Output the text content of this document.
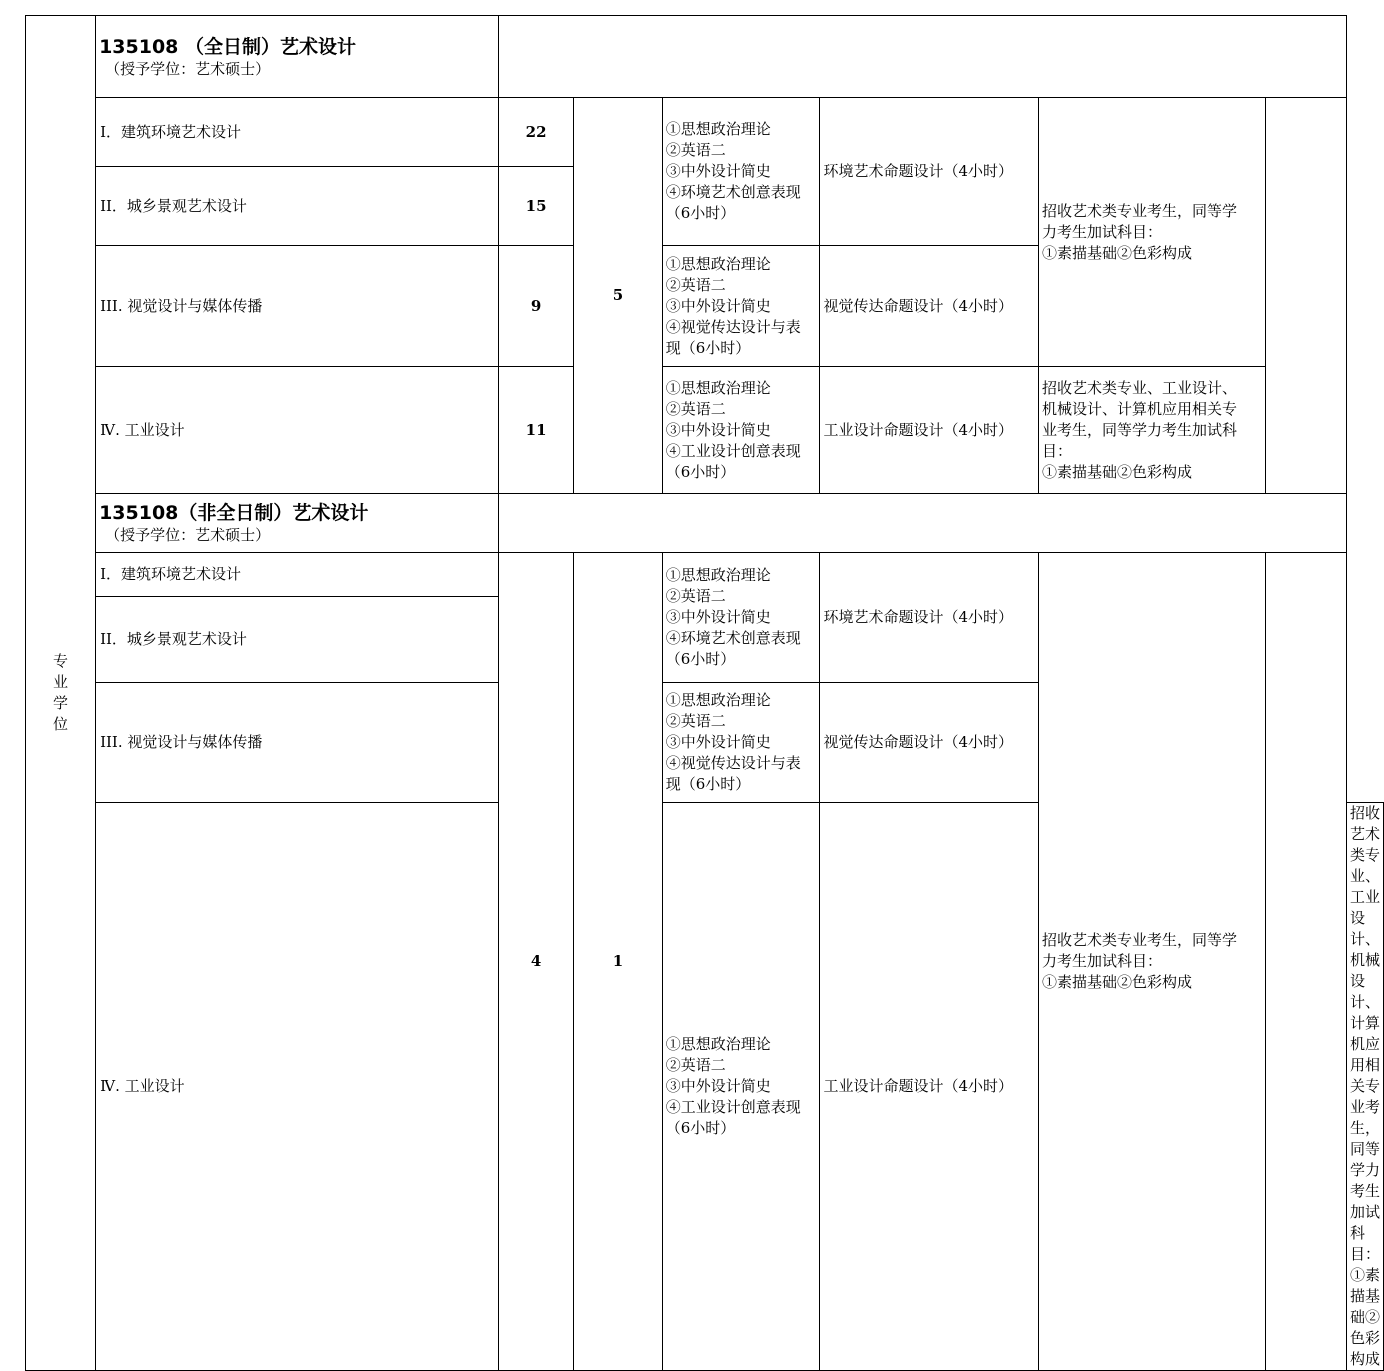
专
业
学
位	135108 （全日制）艺术设计
（授予学位：艺术硕士）							

	Ⅰ．建筑环境艺术设计	22	5	①思想政治理论
②英语二
③中外设计简史
④环境艺术创意表现
（6小时）	环境艺术命题设计（4小时）	招收艺术类专业考生，同等学
力考生加试科目：
①素描基础②色彩构成		

	II．城乡景观艺术设计	15						
	III. 视觉设计与媒体传播	9		①思想政治理论
②英语二
③中外设计简史
④视觉传达设计与表
现（6小时）	视觉传达命题设计（4小时）			
	Ⅳ. 工业设计	11		①思想政治理论
②英语二
③中外设计简史
④工业设计创意表现
（6小时）	工业设计命题设计（4小时）	招收艺术类专业、工业设计、
机械设计、计算机应用相关专
业考生，同等学力考生加试科
目：
①素描基础②色彩构成		

	135108（非全日制）艺术设计
（授予学位：艺术硕士）							

	Ⅰ．建筑环境艺术设计	4	1	①思想政治理论
②英语二
③中外设计简史
④环境艺术创意表现
（6小时）	环境艺术命题设计（4小时）	招收艺术类专业考生，同等学
力考生加试科目：
①素描基础②色彩构成		

	II．城乡景观艺术设计							
	III. 视觉设计与媒体传播			①思想政治理论
②英语二
③中外设计简史
④视觉传达设计与表
现（6小时）	视觉传达命题设计（4小时）			
	Ⅳ. 工业设计			①思想政治理论
②英语二
③中外设计简史
④工业设计创意表现
（6小时）	工业设计命题设计（4小时）			招收艺术类专业、工业设计、
机械设计、计算机应用相关专
业考生，同等学力考生加试科
目：
①素描基础②色彩构成
